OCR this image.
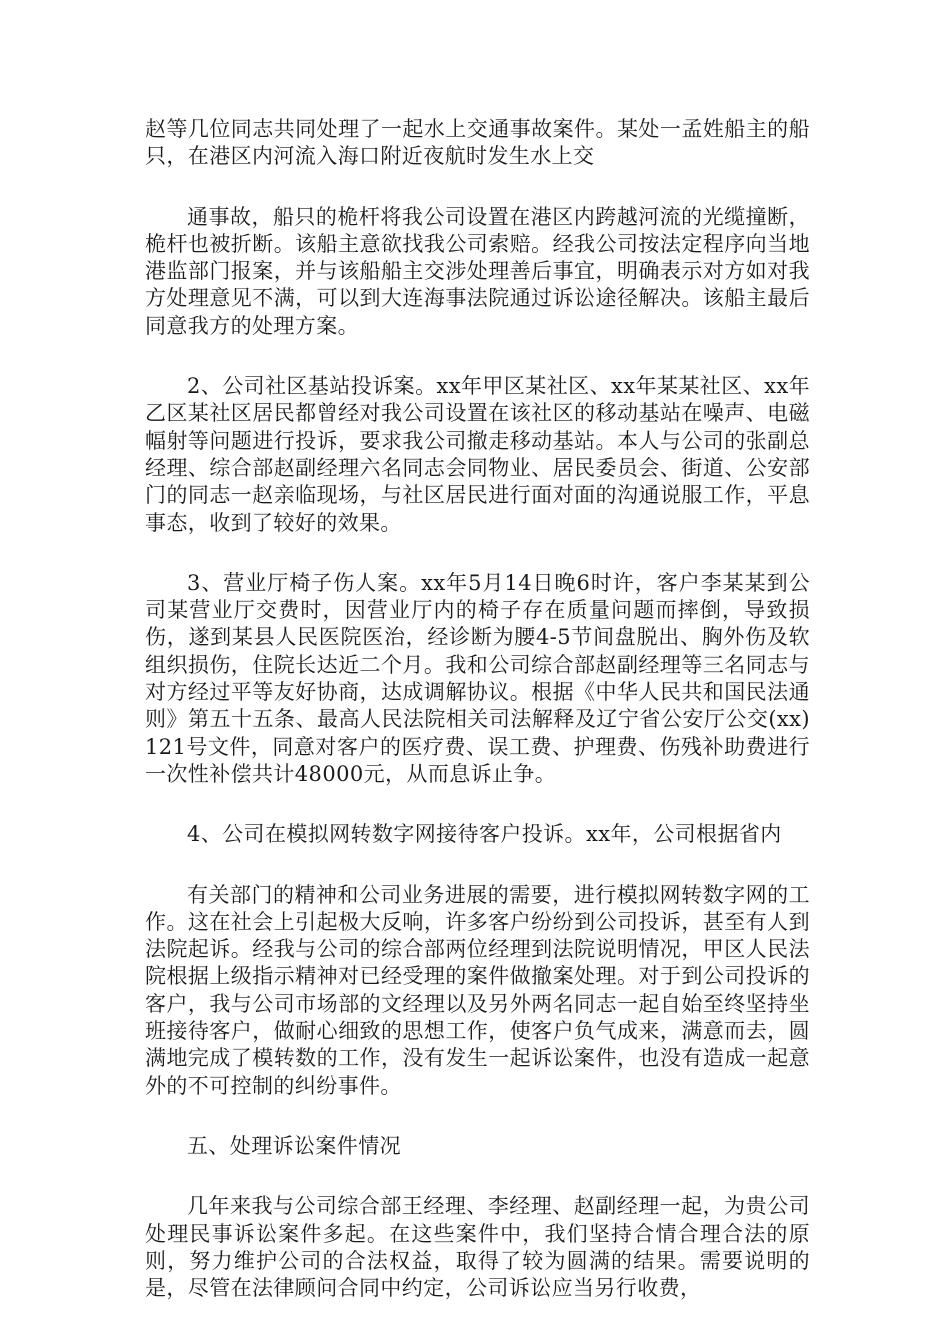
赵等几位同志共同处理了一起水上交通事故案件。某处一孟姓船主的船只，在港区内河流入海口附近夜航时发生水上交

通事故，船只的桅杆将我公司设置在港区内跨越河流的光缆撞断，桅杆也被折断。该船主意欲找我公司索赔。经我公司按法定程序向当地港监部门报案，并与该船船主交涉处理善后事宜，明确表示对方如对我方处理意见不满，可以到大连海事法院通过诉讼途径解决。该船主最后同意我方的处理方案。

2、公司社区基站投诉案。xx年甲区某社区、xx年某某社区、xx年乙区某社区居民都曾经对我公司设置在该社区的移动基站在噪声、电磁幅射等问题进行投诉，要求我公司撤走移动基站。本人与公司的张副总经理、综合部赵副经理六名同志会同物业、居民委员会、街道、公安部门的同志一赵亲临现场，与社区居民进行面对面的沟通说服工作，平息事态，收到了较好的效果。

3、营业厅椅子伤人案。xx年5月14日晚6时许，客户李某某到公司某营业厅交费时，因营业厅内的椅子存在质量问题而摔倒，导致损伤，遂到某县人民医院医治，经诊断为腰4-5节间盘脱出、胸外伤及软组织损伤，住院长达近二个月。我和公司综合部赵副经理等三名同志与对方经过平等友好协商，达成调解协议。根据《中华人民共和国民法通则》第五十五条、最高人民法院相关司法解释及辽宁省公安厅公交(xx)121号文件，同意对客户的医疗费、误工费、护理费、伤残补助费进行一次性补偿共计48000元，从而息诉止争。

4、公司在模拟网转数字网接待客户投诉。xx年，公司根据省内

有关部门的精神和公司业务进展的需要，进行模拟网转数字网的工作。这在社会上引起极大反响，许多客户纷纷到公司投诉，甚至有人到法院起诉。经我与公司的综合部两位经理到法院说明情况，甲区人民法院根据上级指示精神对已经受理的案件做撤案处理。对于到公司投诉的客户，我与公司市场部的文经理以及另外两名同志一起自始至终坚持坐班接待客户，做耐心细致的思想工作，使客户负气成来，满意而去，圆满地完成了模转数的工作，没有发生一起诉讼案件，也没有造成一起意外的不可控制的纠纷事件。

五、处理诉讼案件情况

几年来我与公司综合部王经理、李经理、赵副经理一起，为贵公司处理民事诉讼案件多起。在这些案件中，我们坚持合情合理合法的原则，努力维护公司的合法权益，取得了较为圆满的结果。需要说明的是，尽管在法律顾问合同中约定，公司诉讼应当另行收费，
